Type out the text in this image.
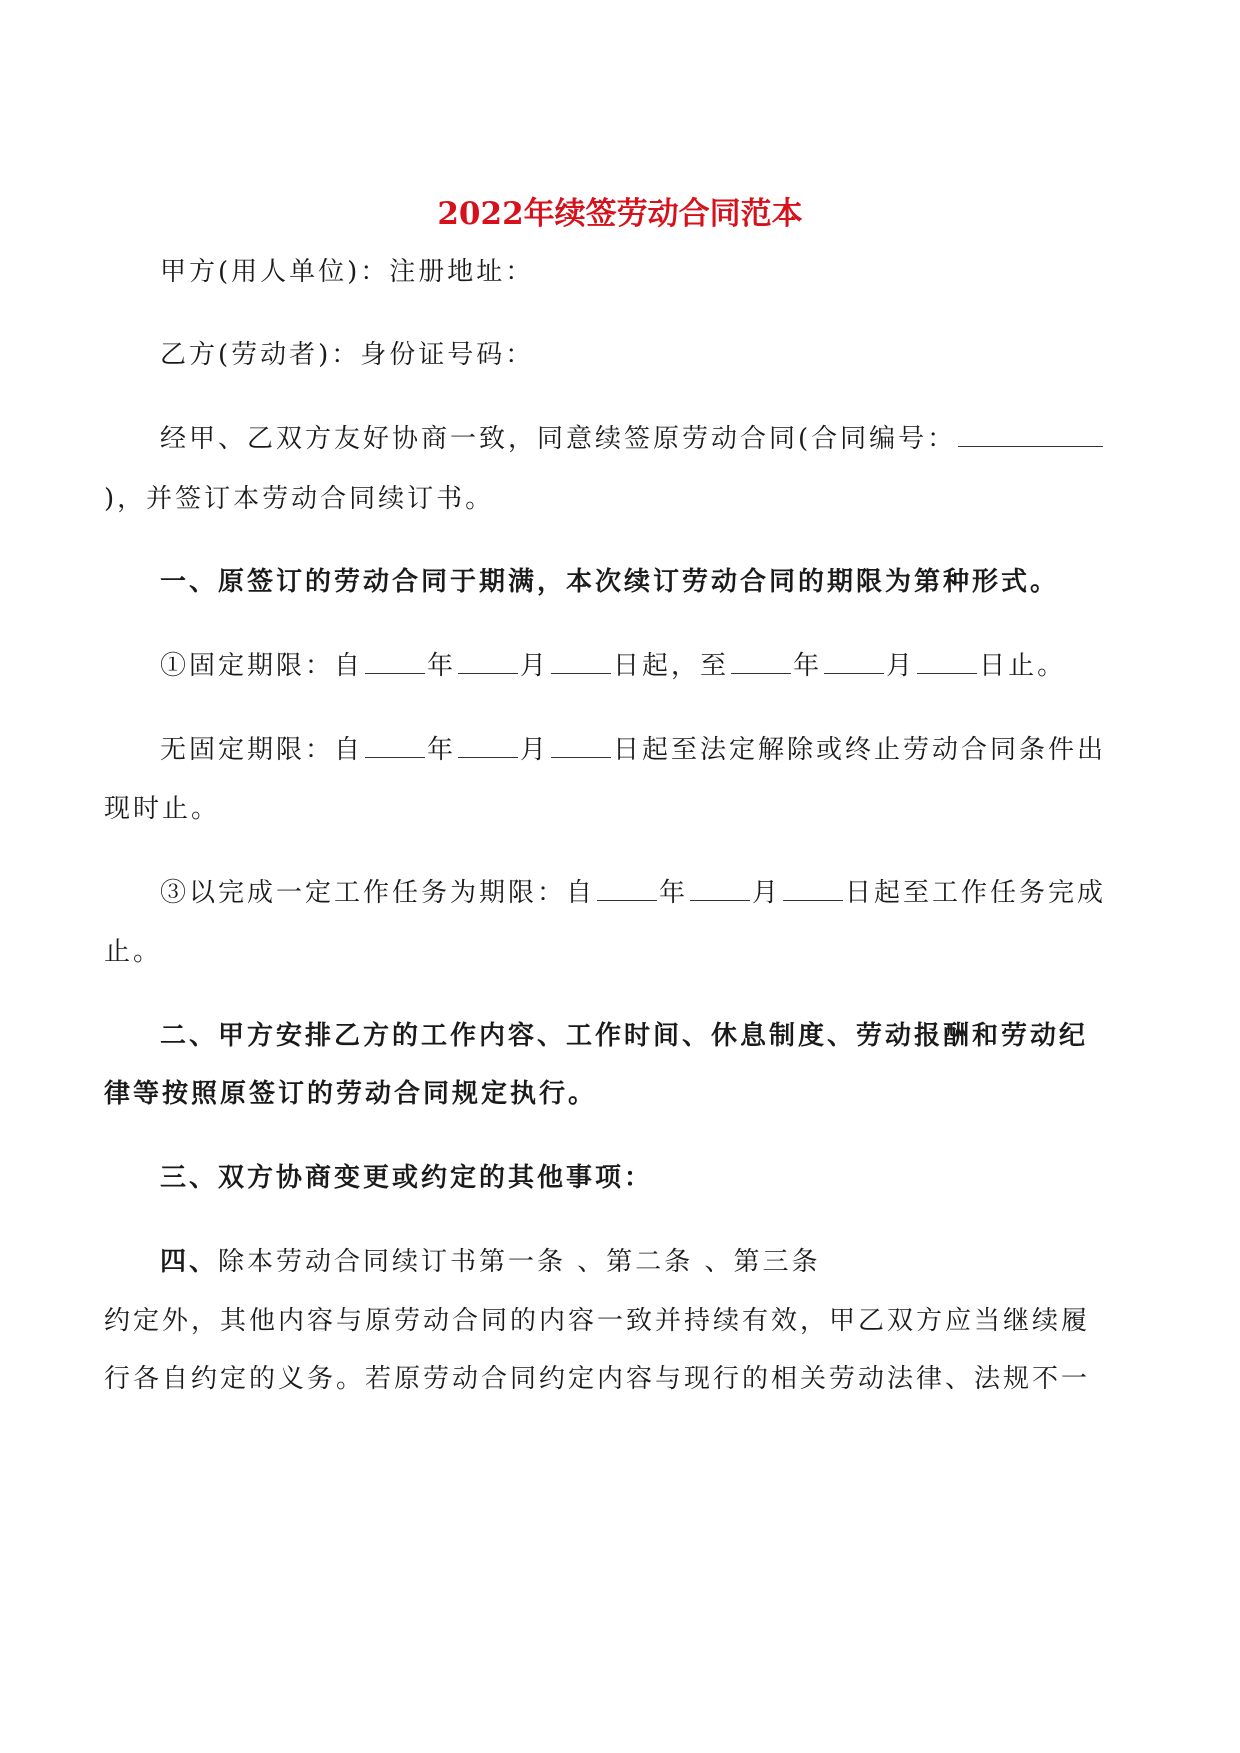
2022年续签劳动合同范本
甲方(用人单位)：注册地址：
乙方(劳动者)：身份证号码：
经甲、乙双方友好协商一致，同意续签原劳动合同(合同编号：
)，并签订本劳动合同续订书。
一、原签订的劳动合同于期满，本次续订劳动合同的期限为第种形式。
①固定期限：自 年 月 日起，至 年 月 日止。
无固定期限：自 年 月 日起至法定解除或终止劳动合同条件出
现时止。
③以完成一定工作任务为期限：自 年 月 日起至工作任务完成
止。
二、甲方安排乙方的工作内容、工作时间、休息制度、劳动报酬和劳动纪
律等按照原签订的劳动合同规定执行。
三、双方协商变更或约定的其他事项：
四、除本劳动合同续订书第一条 、第二条 、第三条
约定外，其他内容与原劳动合同的内容一致并持续有效，甲乙双方应当继续履
行各自约定的义务。若原劳动合同约定内容与现行的相关劳动法律、法规不一
